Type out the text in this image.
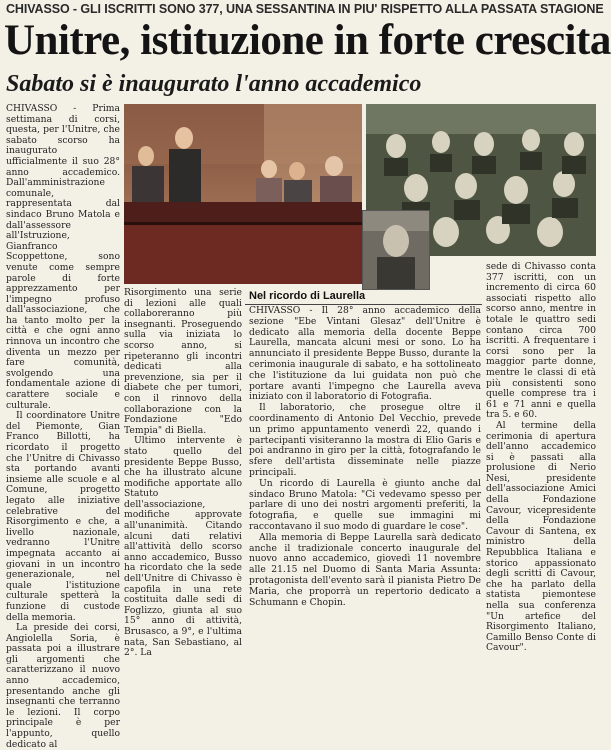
CHIVASSO - GLI ISCRITTI SONO 377, UNA SESSANTINA IN PIU' RISPETTO ALLA PASSATA STAGIONE
Unitre, istituzione in forte crescita
Sabato si è inaugurato l'anno accademico

CHIVASSO - Prima settimana di corsi, questa, per l'Unitre, che sabato scorso ha inaugurato ufficialmente il suo 28° anno accademico. Dall'amministrazione comunale, rappresentata dal sindaco Bruno Matola e dall'assessore all'Istruzione, Gianfranco Scoppettone, sono venute come sempre parole di forte apprezzamento per l'impegno profuso dall'associazione, che ha tanto molto per la città e che ogni anno rinnova un incontro che diventa un mezzo per fare comunità, svolgendo una fondamentale azione di carattere sociale e culturale.

Il coordinatore Unitre del Piemonte, Gian Franco Billotti, ha ricordato il progetto che l'Unitre di Chivasso sta portando avanti insieme alle scuole e al Comune, progetto legato alle iniziative celebrative del Risorgimento e che, a livello nazionale, vedranno l'Unitre impegnata accanto ai giovani in un incontro generazionale, nel quale l'istituzione culturale spetterà la funzione di custode della memoria.

La preside dei corsi, Angiolella Soria, è passata poi a illustrare gli argomenti che caratterizzano il nuovo anno accademico, presentando anche gli insegnanti che terranno le lezioni. Il corpo principale è per l'appunto, quello dedicato al

Risorgimento una serie di lezioni alle quali collaboreranno più insegnanti. Proseguendo sulla via iniziata lo scorso anno, si ripeteranno gli incontri dedicati alla prevenzione, sia per il diabete che per tumori, con il rinnovo della collaborazione con la Fondazione "Edo Tempia" di Biella.

Ultimo intervente è stato quello del presidente Beppe Busso, che ha illustrato alcune modifiche apportate allo Statuto dell'associazione, modifiche approvate all'unanimità. Citando alcuni dati relativi all'attività dello scorso anno accademico, Busso ha ricordato che la sede dell'Unitre di Chivasso è capofila in una rete costituita dalle sedi di Foglizzo, giunta al suo 15° anno di attività, Brusasco, a 9°, e l'ultima nata, San Sebastiano, al 2°. La

sede di Chivasso conta 377 iscritti, con un incremento di circa 60 associati rispetto allo scorso anno, mentre in totale le quattro sedi contano circa 700 iscritti. A frequentare i corsi sono per la maggior parte donne, mentre le classi di età più consistenti sono quelle comprese tra i 61 e 71 anni e quella tra 5. e 60.

Al termine della cerimonia di apertura dell'anno accademico si è passati alla prolusione di Nerio Nesi, presidente dell'associazione Amici della Fondazione Cavour, vicepresidente della Fondazione Cavour di Santena, ex ministro della Repubblica Italiana e storico appassionato degli scritti di Cavour, che ha parlato della statista piemontese nella sua conferenza "Un artefice del Risorgimento Italiano, Camillo Benso Conte di Cavour".

Nel ricordo di Laurella

CHIVASSO - Il 28° anno accademico della sezione "Ebe Vintani Glesaz" dell'Unitre è dedicato alla memoria della docente Beppe Laurella, mancata alcuni mesi or sono. Lo ha annunciato il presidente Beppe Busso, durante la cerimonia inaugurale di sabato, e ha sottolineato che l'istituzione da lui guidata non può che portare avanti l'impegno che Laurella aveva iniziato con il laboratorio di Fotografia.

Il laboratorio, che prosegue oltre il coordinamento di Antonio Del Vecchio, prevede un primo appuntamento venerdì 22, quando i partecipanti visiteranno la mostra di Elio Garis e poi andranno in giro per la città, fotografando le sfere dell'artista disseminate nelle piazze principali.

Un ricordo di Laurella è giunto anche dal sindaco Bruno Matola: "Ci vedevamo spesso per parlare di uno dei nostri argomenti preferiti, la fotografia, e quelle sue immagini mi raccontavano il suo modo di guardare le cose".

Alla memoria di Beppe Laurella sarà dedicato anche il tradizionale concerto inaugurale del nuovo anno accademico, giovedì 11 novembre alle 21.15 nel Duomo di Santa Maria Assunta: protagonista dell'evento sarà il pianista Pietro De Maria, che proporrà un repertorio dedicato a Schumann e Chopin.
